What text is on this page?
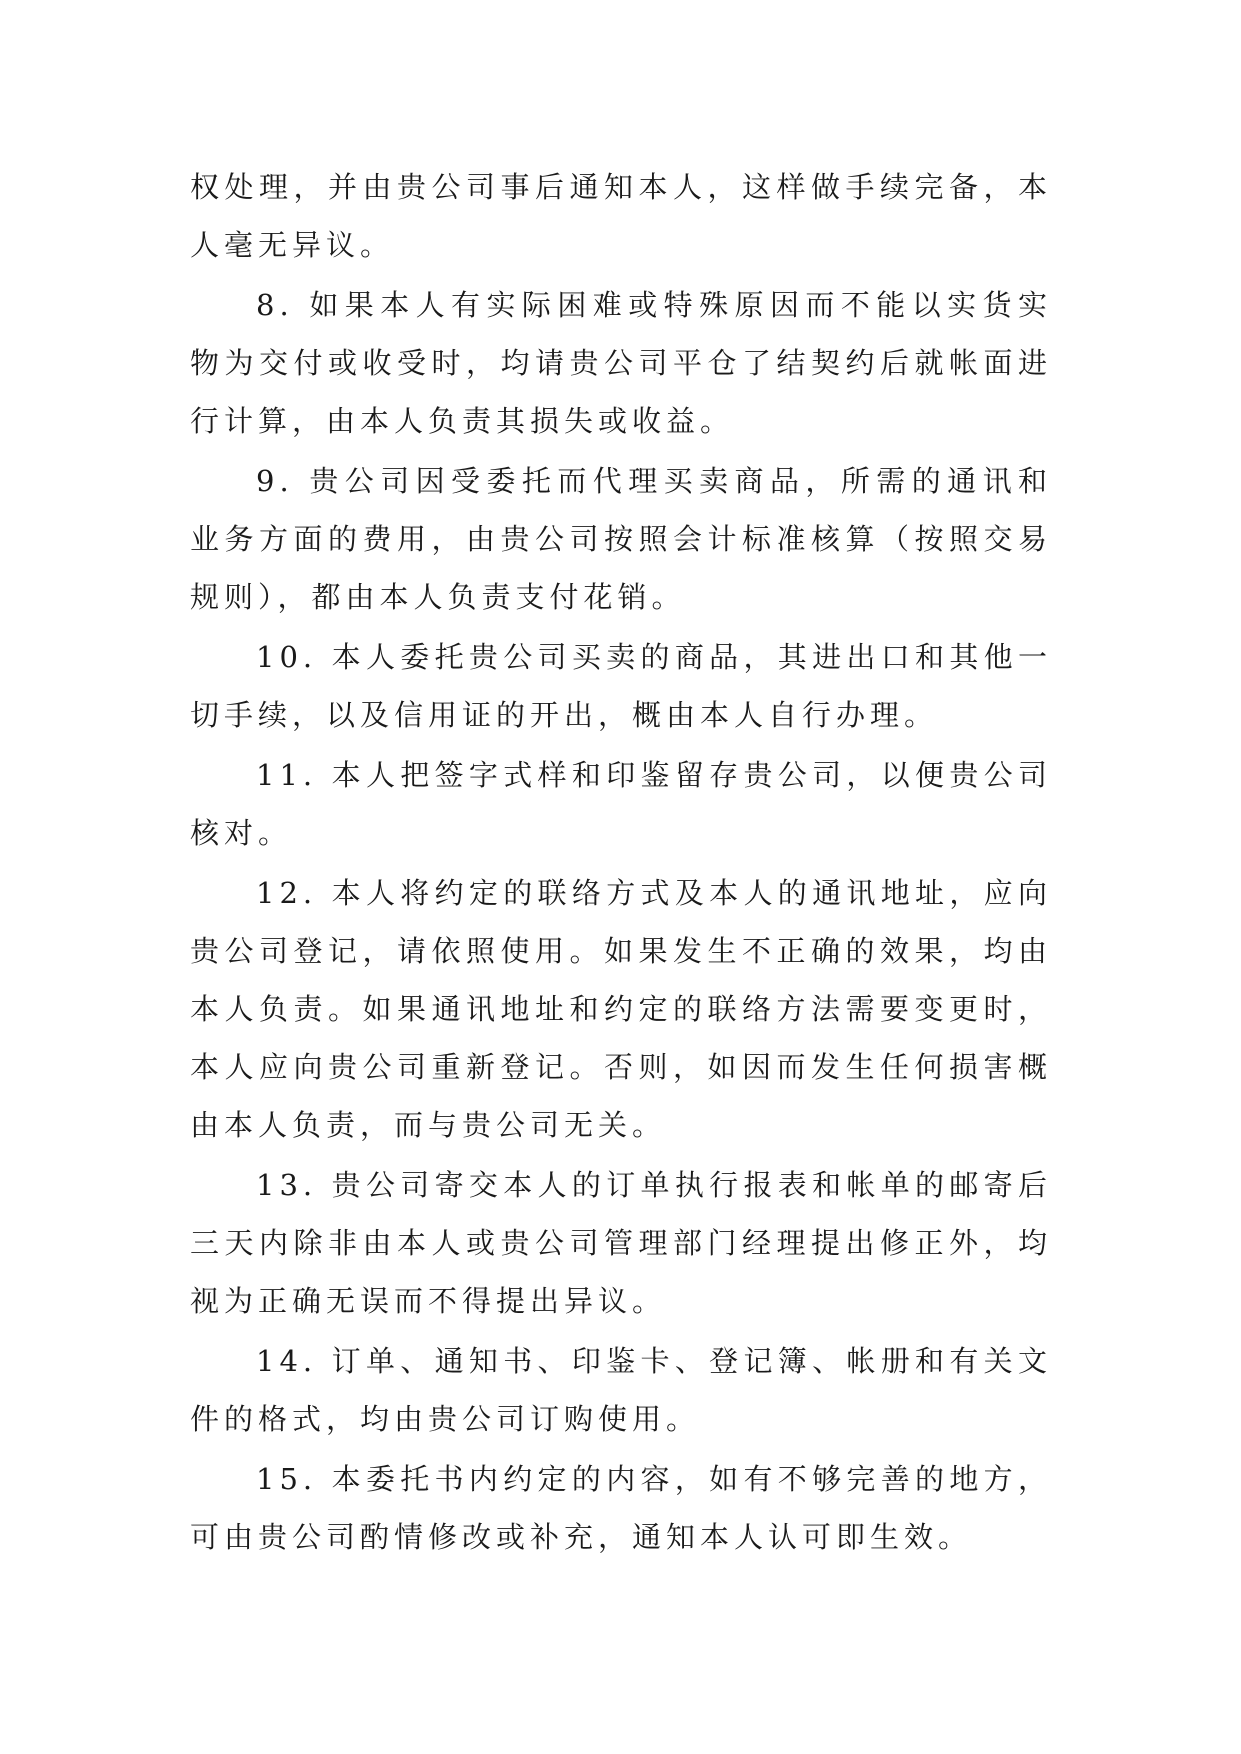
权处理，并由贵公司事后通知本人，这样做手续完备，本人毫无异议。

8. 如果本人有实际困难或特殊原因而不能以实货实物为交付或收受时，均请贵公司平仓了结契约后就帐面进行计算，由本人负责其损失或收益。

9. 贵公司因受委托而代理买卖商品，所需的通讯和业务方面的费用，由贵公司按照会计标准核算（按照交易规则），都由本人负责支付花销。

10. 本人委托贵公司买卖的商品，其进出口和其他一切手续，以及信用证的开出，概由本人自行办理。

11. 本人把签字式样和印鉴留存贵公司，以便贵公司核对。

12. 本人将约定的联络方式及本人的通讯地址，应向贵公司登记，请依照使用。如果发生不正确的效果，均由本人负责。如果通讯地址和约定的联络方法需要变更时，本人应向贵公司重新登记。否则，如因而发生任何损害概由本人负责，而与贵公司无关。

13. 贵公司寄交本人的订单执行报表和帐单的邮寄后三天内除非由本人或贵公司管理部门经理提出修正外，均视为正确无误而不得提出异议。

14. 订单、通知书、印鉴卡、登记簿、帐册和有关文件的格式，均由贵公司订购使用。

15. 本委托书内约定的内容，如有不够完善的地方，可由贵公司酌情修改或补充，通知本人认可即生效。
